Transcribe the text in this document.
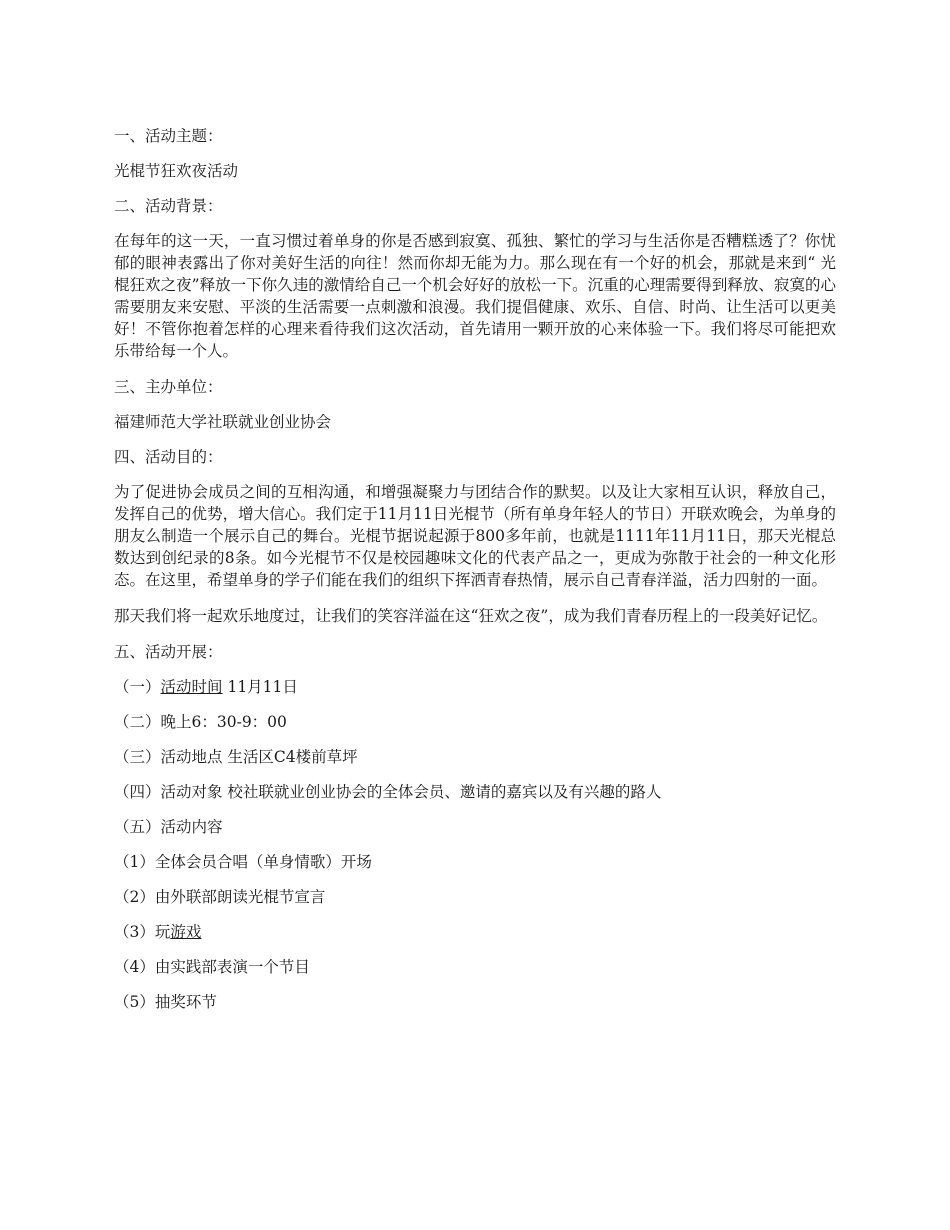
一、活动主题：

光棍节狂欢夜活动

二、活动背景：

在每年的这一天，一直习惯过着单身的你是否感到寂寞、孤独、繁忙的学习与生活你是否糟糕透了？你忧郁的眼神表露出了你对美好生活的向往！然而你却无能为力。那么现在有一个好的机会，那就是来到“ 光棍狂欢之夜”释放一下你久违的激情给自己一个机会好好的放松一下。沉重的心理需要得到释放、寂寞的心需要朋友来安慰、平淡的生活需要一点刺激和浪漫。我们提倡健康、欢乐、自信、时尚、让生活可以更美好！不管你抱着怎样的心理来看待我们这次活动，首先请用一颗开放的心来体验一下。我们将尽可能把欢乐带给每一个人。

三、主办单位：

福建师范大学社联就业创业协会

四、活动目的：

为了促进协会成员之间的互相沟通，和增强凝聚力与团结合作的默契。以及让大家相互认识，释放自己，发挥自己的优势，增大信心。我们定于11月11日光棍节（所有单身年轻人的节日）开联欢晚会，为单身的朋友么制造一个展示自己的舞台。光棍节据说起源于800多年前，也就是1111年11月11日，那天光棍总数达到创纪录的8条。如今光棍节不仅是校园趣味文化的代表产品之一，更成为弥散于社会的一种文化形态。在这里，希望单身的学子们能在我们的组织下挥洒青春热情，展示自己青春洋溢，活力四射的一面。

那天我们将一起欢乐地度过，让我们的笑容洋溢在这“狂欢之夜”，成为我们青春历程上的一段美好记忆。

五、活动开展：

（一）活动时间 11月11日

（二）晚上6：30-9：00

（三）活动地点 生活区C4楼前草坪

（四）活动对象 校社联就业创业协会的全体会员、邀请的嘉宾以及有兴趣的路人

（五）活动内容

（1）全体会员合唱（单身情歌）开场

（2）由外联部朗读光棍节宣言

（3）玩游戏

（4）由实践部表演一个节目

（5）抽奖环节
